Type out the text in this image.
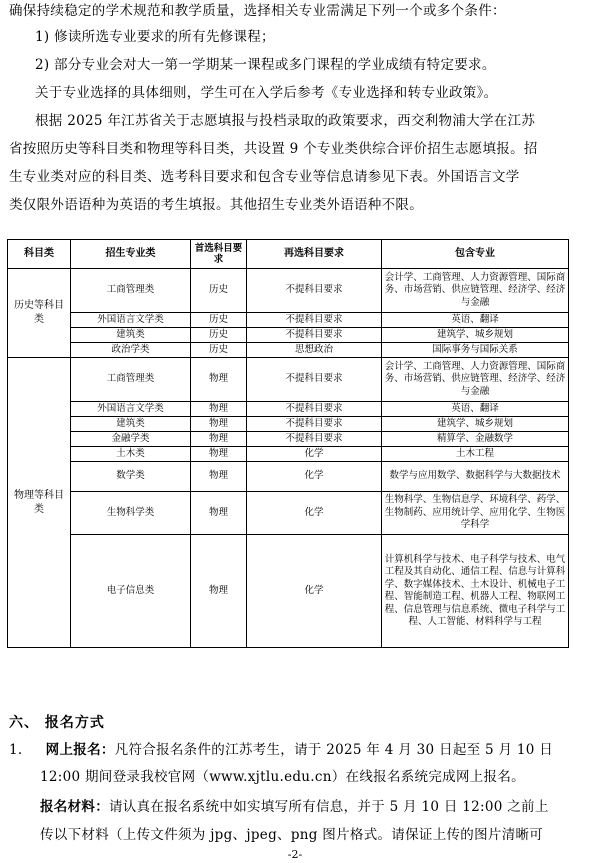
确保持续稳定的学术规范和教学质量，选择相关专业需满足下列一个或多个条件：
1) 修读所选专业要求的所有先修课程；
2) 部分专业会对大一第一学期某一课程或多门课程的学业成绩有特定要求。
关于专业选择的具体细则，学生可在入学后参考《专业选择和转专业政策》。
根据 2025 年江苏省关于志愿填报与投档录取的政策要求，西交利物浦大学在江苏
省按照历史等科目类和物理等科目类，共设置 9 个专业类供综合评价招生志愿填报。招
生专业类对应的科目类、选考科目要求和包含专业等信息请参见下表。外国语言文学
类仅限外语语种为英语的考生填报。其他招生专业类外语语种不限。
科目类	招生专业类	首选科目要求	再选科目要求	包含专业
历史等科目类	工商管理类	历史	不提科目要求	会计学、工商管理、人力资源管理、国际商务、市场营销、供应链管理、经济学、经济与金融
	外国语言文学类	历史	不提科目要求	英语、翻译
	建筑类	历史	不提科目要求	建筑学、城乡规划
	政治学类	历史	思想政治	国际事务与国际关系
物理等科目类	工商管理类	物理	不提科目要求	会计学、工商管理、人力资源管理、国际商务、市场营销、供应链管理、经济学、经济与金融
	外国语言文学类	物理	不提科目要求	英语、翻译
	建筑类	物理	不提科目要求	建筑学、城乡规划
	金融学类	物理	不提科目要求	精算学、金融数学
	土木类	物理	化学	土木工程
	数学类	物理	化学	数学与应用数学、数据科学与大数据技术
	生物科学类	物理	化学	生物科学、生物信息学、环境科学、药学、生物制药、应用统计学、应用化学、生物医学科学
	电子信息类	物理	化学	计算机科学与技术、电子科学与技术、电气工程及其自动化、通信工程、信息与计算科学、数字媒体技术、土木设计、机械电子工程、智能制造工程、机器人工程、物联网工程、信息管理与信息系统、微电子科学与工程、人工智能、材料科学与工程
六、 报名方式
1. 网上报名：凡符合报名条件的江苏考生，请于 2025 年 4 月 30 日起至 5 月 10 日
12:00 期间登录我校官网（www.xjtlu.edu.cn）在线报名系统完成网上报名。
报名材料：请认真在报名系统中如实填写所有信息，并于 5 月 10 日 12:00 之前上
传以下材料（上传文件须为 jpg、jpeg、png 图片格式。请保证上传的图片清晰可
-2-
